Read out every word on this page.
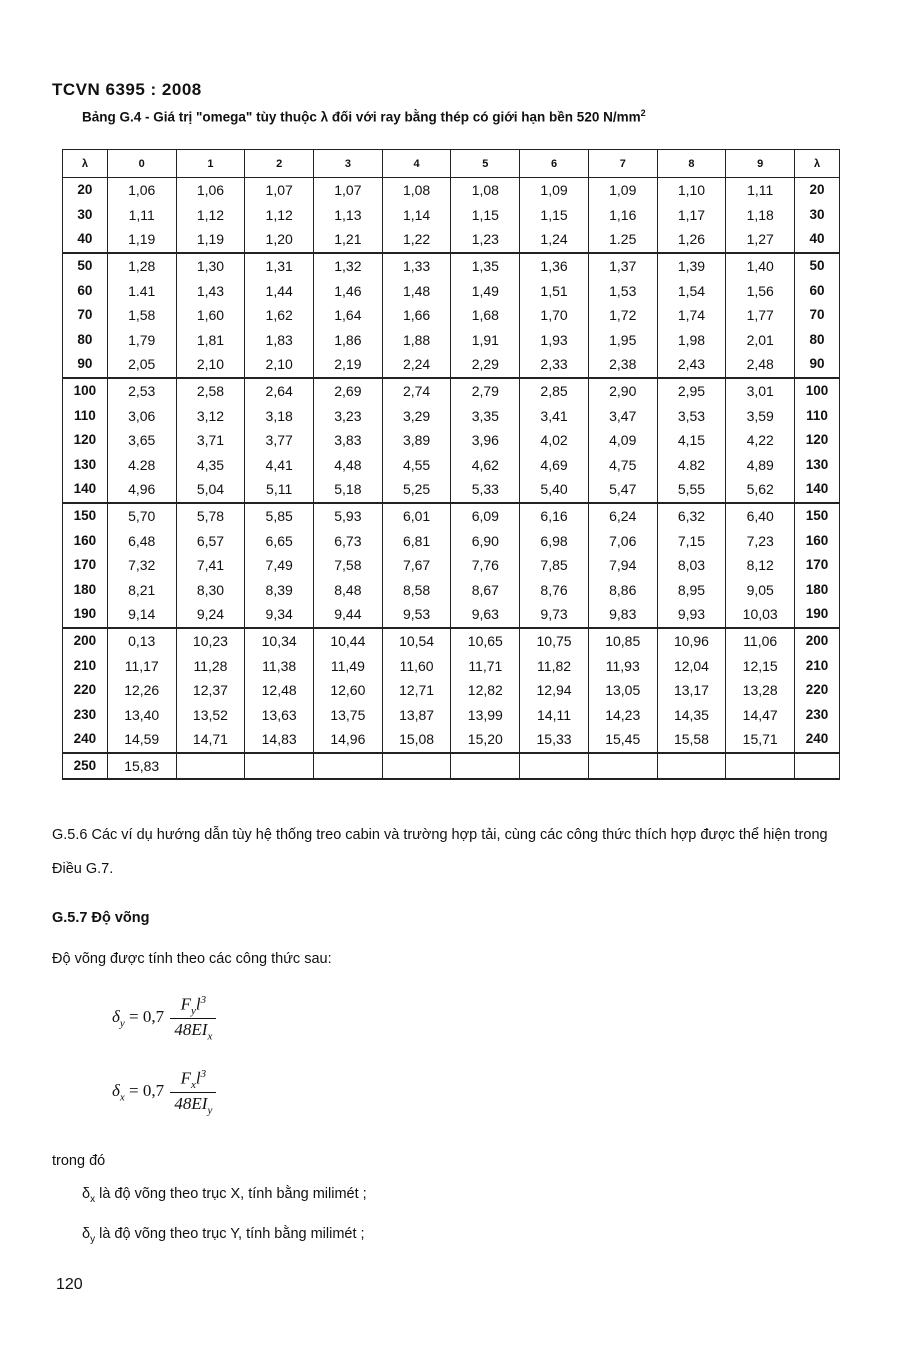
TCVN 6395 : 2008
Bảng G.4 - Giá trị "omega" tùy thuộc λ đối với ray bằng thép có giới hạn bền 520 $N/mm^2$
λ	0	1	2	3	4	5	6	7	8	9	λ
20	1,06	1,06	1,07	1,07	1,08	1,08	1,09	1,09	1,10	1,11	20
30	1,11	1,12	1,12	1,13	1,14	1,15	1,15	1,16	1,17	1,18	30
40	1,19	1,19	1,20	1,21	1,22	1,23	1,24	1.25	1,26	1,27	40
50	1,28	1,30	1,31	1,32	1,33	1,35	1,36	1,37	1,39	1,40	50
60	1.41	1,43	1,44	1,46	1,48	1,49	1,51	1,53	1,54	1,56	60
70	1,58	1,60	1,62	1,64	1,66	1,68	1,70	1,72	1,74	1,77	70
80	1,79	1,81	1,83	1,86	1,88	1,91	1,93	1,95	1,98	2,01	80
90	2,05	2,10	2,10	2,19	2,24	2,29	2,33	2,38	2,43	2,48	90
100	2,53	2,58	2,64	2,69	2,74	2,79	2,85	2,90	2,95	3,01	100
110	3,06	3,12	3,18	3,23	3,29	3,35	3,41	3,47	3,53	3,59	110
120	3,65	3,71	3,77	3,83	3,89	3,96	4,02	4,09	4,15	4,22	120
130	4.28	4,35	4,41	4,48	4,55	4,62	4,69	4,75	4.82	4,89	130
140	4,96	5,04	5,11	5,18	5,25	5,33	5,40	5,47	5,55	5,62	140
150	5,70	5,78	5,85	5,93	6,01	6,09	6,16	6,24	6,32	6,40	150
160	6,48	6,57	6,65	6,73	6,81	6,90	6,98	7,06	7,15	7,23	160
170	7,32	7,41	7,49	7,58	7,67	7,76	7,85	7,94	8,03	8,12	170
180	8,21	8,30	8,39	8,48	8,58	8,67	8,76	8,86	8,95	9,05	180
190	9,14	9,24	9,34	9,44	9,53	9,63	9,73	9,83	9,93	10,03	190
200	0,13	10,23	10,34	10,44	10,54	10,65	10,75	10,85	10,96	11,06	200
210	11,17	11,28	11,38	11,49	11,60	11,71	11,82	11,93	12,04	12,15	210
220	12,26	12,37	12,48	12,60	12,71	12,82	12,94	13,05	13,17	13,28	220
230	13,40	13,52	13,63	13,75	13,87	13,99	14,11	14,23	14,35	14,47	230
240	14,59	14,71	14,83	14,96	15,08	15,20	15,33	15,45	15,58	15,71	240
250	15,83										
G.5.6 Các ví dụ hướng dẫn tùy hệ thống treo cabin và trường hợp tải, cùng các công thức thích hợp được thể hiện trong Điều G.7.
G.5.7 Độ võng
Độ võng được tính theo các công thức sau:
$\delta_y = 0,7 \frac{F_yl^3}{48EI_x}$
$\delta_x = 0,7 \frac{F_xl^3}{48EI_y}$
trong đó
$\delta_x$ là độ võng theo trục X, tính bằng milimét ;
$\delta_y$ là độ võng theo trục Y, tính bằng milimét ;
120
